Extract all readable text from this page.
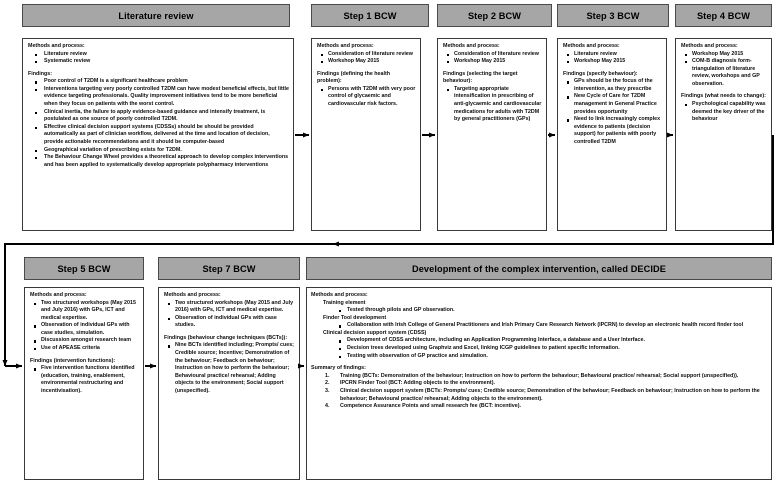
Literature review	Step 1 BCW	Step 2 BCW	Step 3 BCW	Step 4 BCW
Methods and process:
Literature review
Systematic review
Findings:
Poor control of T2DM is a significant healthcare problem
Interventions targeting very poorly controlled T2DM can have modest beneficial effects, but little evidence targeting professionals. Quality improvement initiatives tend to be more beneficial when they focus on patients with the worst control.
Clinical inertia, the failure to apply evidence-based guidance and intensify treatment, is postulated as one source of poorly controlled T2DM.
Effective clinical decision support systems (CDSSs) should be should be provided automatically as part of clinician workflow, delivered at the time and location of decision, provide actionable recommendations and it should be computer-based
Geographical variation of prescribing exists for T2DM.
The Behaviour Change Wheel provides a theoretical approach to develop complex interventions and has been applied to systematically develop appropriate polypharmacy interventions
Methods and process:
Consideration of literature review
Workshop May 2015
Findings (defining the health problem):
Persons with T2DM with very poor control of glycaemic and cardiovascular risk factors.
Methods and process:
Consideration of literature review
Workshop May 2015
Findings (selecting the target behaviour):
Targeting appropriate intensification in prescribing of anti-glycaemic and cardiovascular medications for adults with T2DM by general practitioners (GPs)
Methods and process:
Literature review
Workshop May 2015
Findings (specify behaviour):
GPs should be the focus of the intervention, as they prescribe
New Cycle of Care for T2DM management in General Practice provides opportunity
Need to link increasingly complex evidence to patients (decision support) for patients with poorly controlled T2DM
Methods and process:
Workshop May 2015
COM-B diagnosis form- triangulation of literature review, workshops and GP observation.
Findings (what needs to change):
Psychological capability was deemed the key driver of the behaviour
Step 5 BCW	Step 7 BCW	Development of the complex intervention, called DECIDE
Methods and process:
Two structured workshops (May 2015 and July 2016) with GPs, ICT and medical expertise.
Observation of individual GPs with case studies, simulation.
Discussion amongst research team
Use of APEASE criteria
Findings (intervention functions):
Five intervention functions identified (education, training, enablement, environmental restructuring and incentivisation).
Methods and process:
Two structured workshops (May 2015 and July 2016) with GPs, ICT and medical expertise.
Observation of individual GPs with case studies.
Findings (behaviour change techniques (BCTs)):
Nine BCTs identified including; Prompts/ cues; Credible source; Incentive; Demonstration of the behaviour; Feedback on behaviour; Instruction on how to perform the behaviour; Behavioural practice/ rehearsal; Adding objects to the environment; Social support (unspecified).
Methods and process:
Training element
Tested through pilots and GP observation.
Finder Tool development
Collaboration with Irish College of General Practitioners and Irish Primary Care Research Network (IPCRN) to develop an electronic health record finder tool
Clinical decision support system (CDSS)
Development of CDSS architecture, including an Application Programming Interface, a database and a User Interface.
Decision trees developed using Graphviz and Excel, linking ICGP guidelines to patient specific information.
Testing with observation of GP practice and simulation.
Summary of findings:
Training (BCTs: Demonstration of the behaviour; Instruction on how to perform the behaviour; Behavioural practice/ rehearsal; Social support (unspecified)).
IPCRN Finder Tool (BCT: Adding objects to the environment).
Clinical decision support system (BCTs: Prompts/ cues; Credible source; Demonstration of the behaviour; Feedback on behaviour; Instruction on how to perform the behaviour; Behavioural practice/ rehearsal; Adding objects to the environment).
Competence Assurance Points and small research fee (BCT: incentive).
